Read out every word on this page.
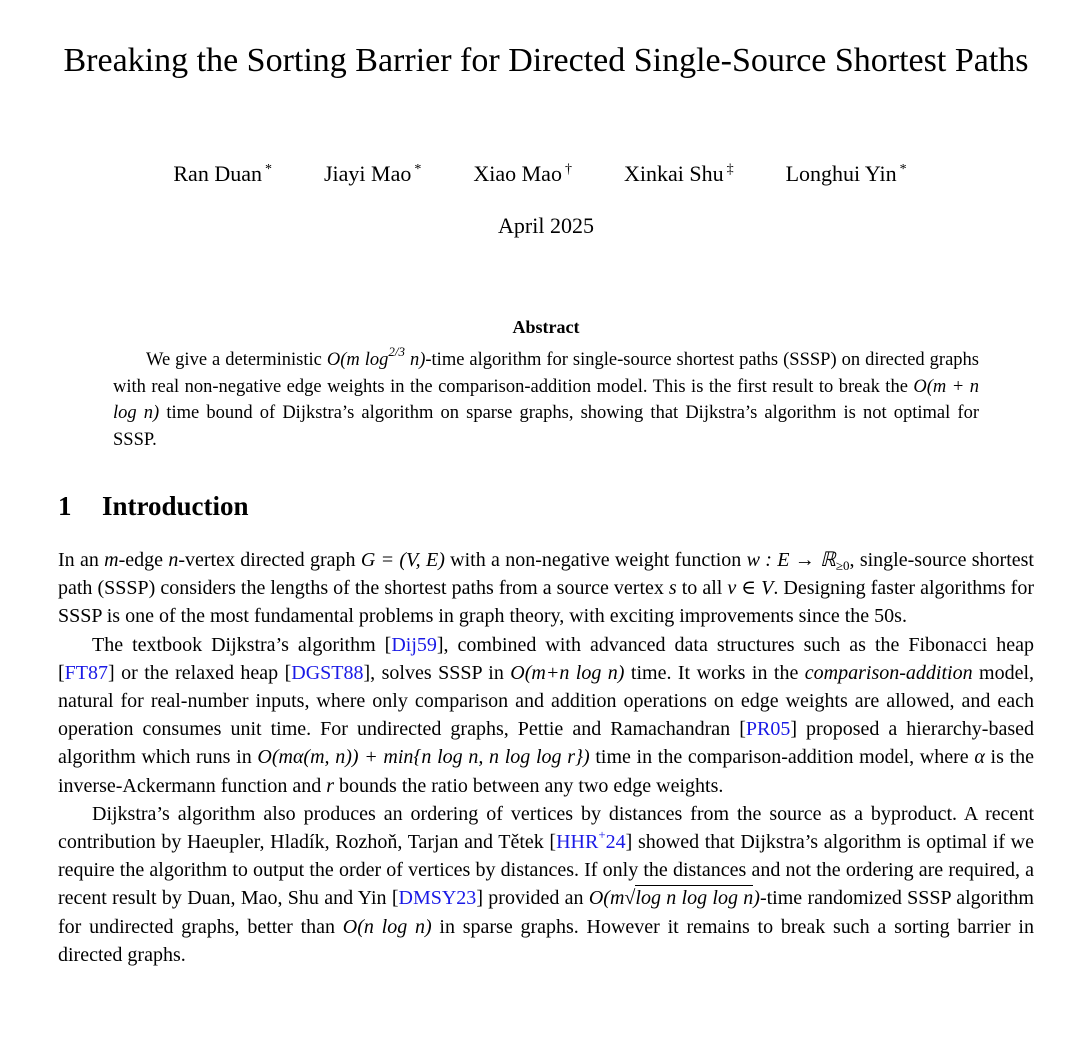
Breaking the Sorting Barrier for Directed Single-Source Shortest Paths
Ran Duan * Jiayi Mao * Xiao Mao † Xinkai Shu ‡ Longhui Yin *
April 2025
Abstract

We give a deterministic O(m $\log^{2/3}$ n)-time algorithm for single-source shortest paths (SSSP) on directed graphs with real non-negative edge weights in the comparison-addition model. This is the first result to break the O(m + n log n) time bound of Dijkstra’s algorithm on sparse graphs, showing that Dijkstra’s algorithm is not optimal for SSSP.

1 Introduction

In an m-edge n-vertex directed graph G = (V, E) with a non-negative weight function w : E → ℝ$_{\ge 0}$, single-source shortest path (SSSP) considers the lengths of the shortest paths from a source vertex s to all v ∈ V. Designing faster algorithms for SSSP is one of the most fundamental problems in graph theory, with exciting improvements since the 50s.

The textbook Dijkstra’s algorithm [Dij59], combined with advanced data structures such as the Fibonacci heap [FT87] or the relaxed heap [DGST88], solves SSSP in O(m+n log n) time. It works in the comparison-addition model, natural for real-number inputs, where only comparison and addition operations on edge weights are allowed, and each operation consumes unit time. For undirected graphs, Pettie and Ramachandran [PR05] proposed a hierarchy-based algorithm which runs in O(mα(m, n)) + min{n log n, n log log r}) time in the comparison-addition model, where α is the inverse-Ackermann function and r bounds the ratio between any two edge weights.

Dijkstra’s algorithm also produces an ordering of vertices by distances from the source as a byproduct. A recent contribution by Haeupler, Hladík, Rozhoň, Tarjan and Tětek [HHR+24] showed that Dijkstra’s algorithm is optimal if we require the algorithm to output the order of vertices by distances. If only the distances and not the ordering are required, a recent result by Duan, Mao, Shu and Yin [DMSY23] provided an O(m√log n log log n)-time randomized SSSP algorithm for undirected graphs, better than O(n log n) in sparse graphs. However it remains to break such a sorting barrier in directed graphs.
